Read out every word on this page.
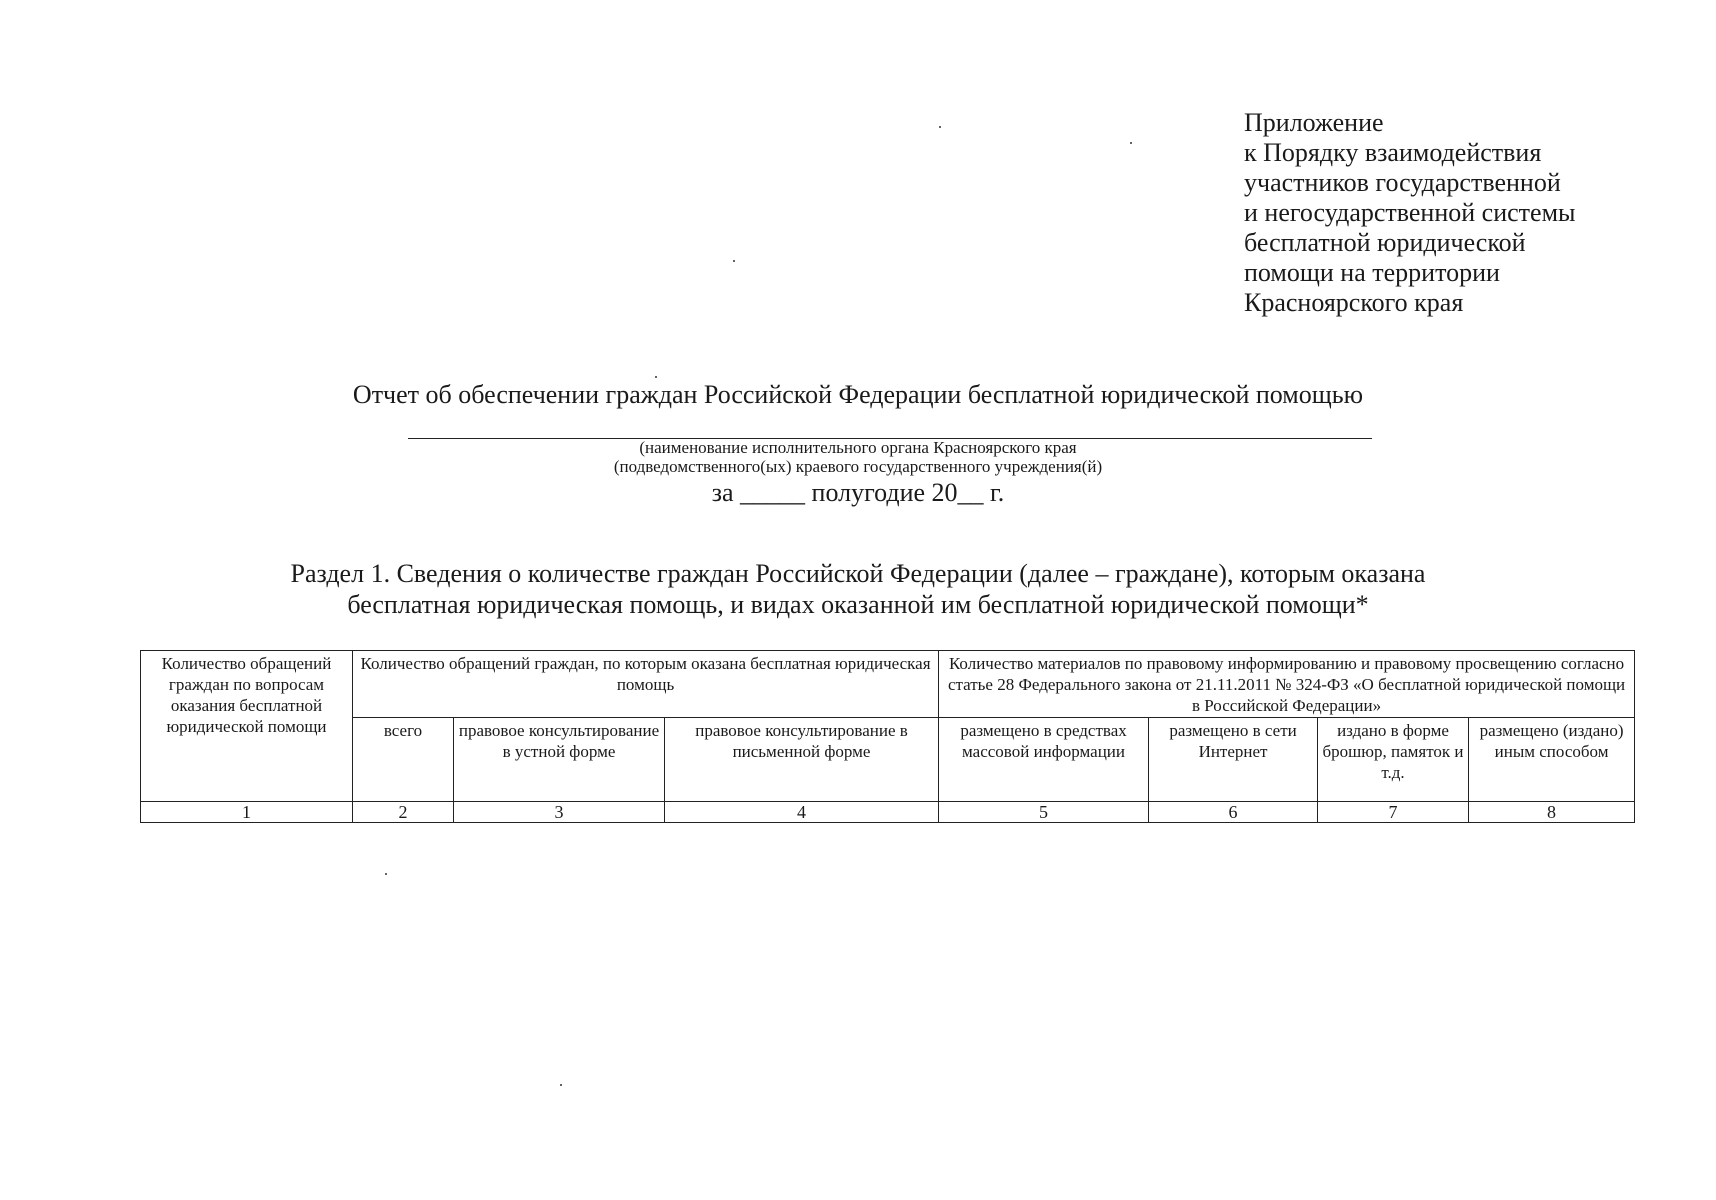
Приложение
к Порядку взаимодействия
участников государственной
и негосударственной системы
бесплатной юридической
помощи на территории
Красноярского края
Отчет об обеспечении граждан Российской Федерации бесплатной юридической помощью
(наименование исполнительного органа Красноярского края
(подведомственного(ых) краевого государственного учреждения(й)
за _____ полугодие 20__ г.
Раздел 1. Сведения о количестве граждан Российской Федерации (далее – граждане), которым оказана
бесплатная юридическая помощь, и видах оказанной им бесплатной юридической помощи*
Количество обращений граждан по вопросам оказания бесплатной юридической помощи	Количество обращений граждан, по которым оказана бесплатная юридическая помощь			Количество материалов по правовому информированию и правовому просвещению согласно статье 28 Федерального закона от 21.11.2011 № 324-ФЗ «О бесплатной юридической помощи в Российской Федерации»			
	всего	правовое консультирование в устной форме	правовое консультирование в письменной форме	размещено в средствах массовой информации	размещено в сети Интернет	издано в форме брошюр, памяток и т.д.	размещено (издано) иным способом
1	2	3	4	5	6	7	8
